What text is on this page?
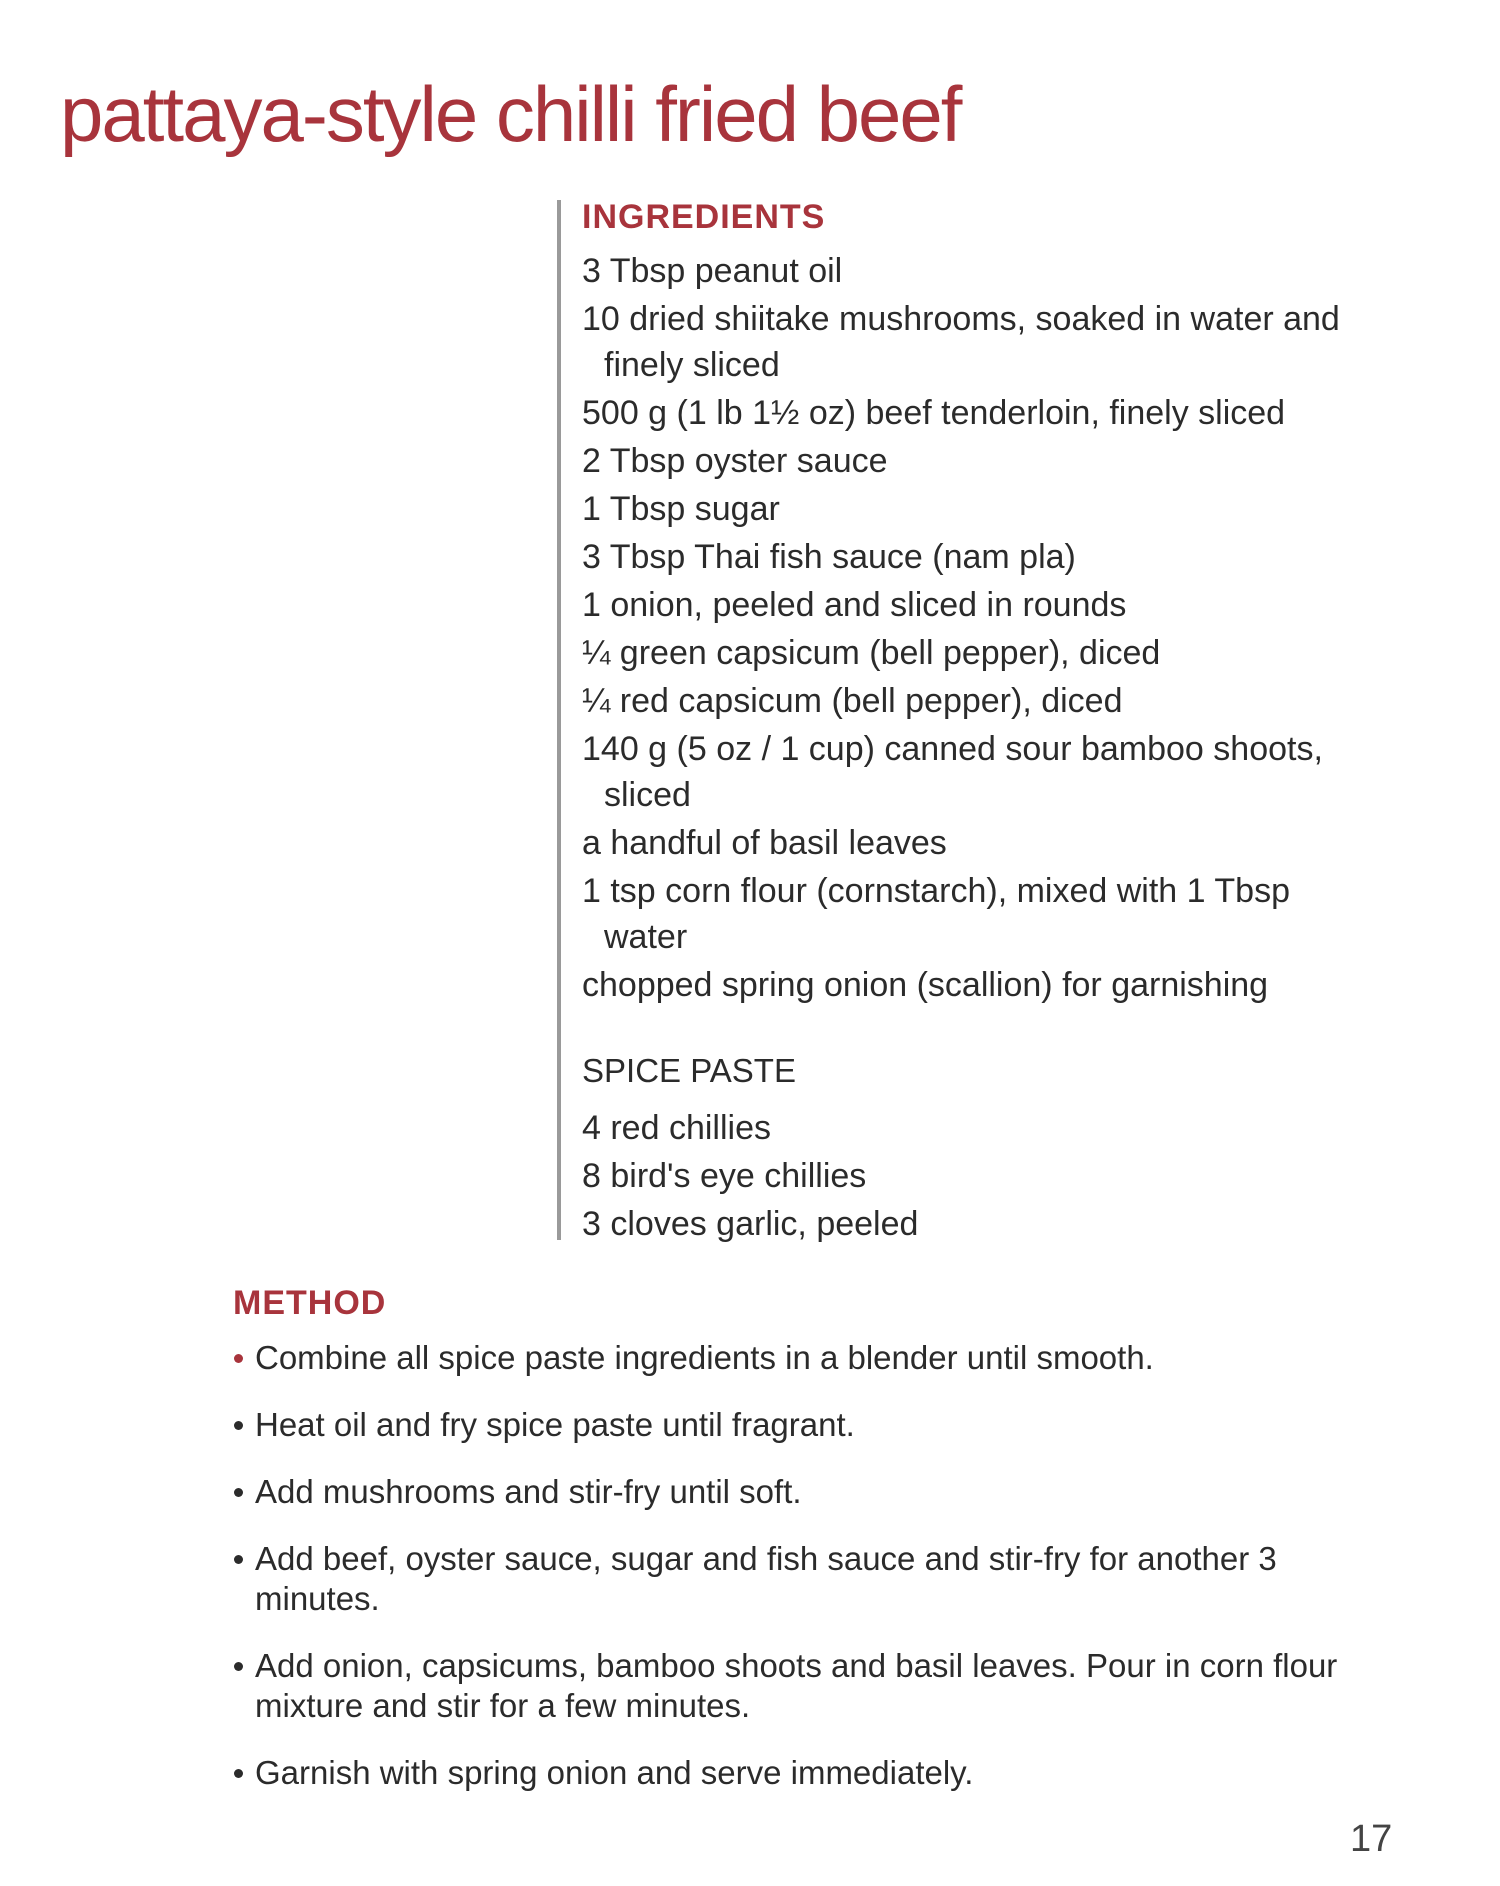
pattaya-style chilli fried beef
INGREDIENTS
3 Tbsp peanut oil
10 dried shiitake mushrooms, soaked in water and finely sliced
500 g (1 lb 1½ oz) beef tenderloin, finely sliced
2 Tbsp oyster sauce
1 Tbsp sugar
3 Tbsp Thai fish sauce (nam pla)
1 onion, peeled and sliced in rounds
¼ green capsicum (bell pepper), diced
¼ red capsicum (bell pepper), diced
140 g (5 oz / 1 cup) canned sour bamboo shoots, sliced
a handful of basil leaves
1 tsp corn flour (cornstarch), mixed with 1 Tbsp water
chopped spring onion (scallion) for garnishing
SPICE PASTE
4 red chillies
8 bird's eye chillies
3 cloves garlic, peeled
METHOD
Combine all spice paste ingredients in a blender until smooth.
Heat oil and fry spice paste until fragrant.
Add mushrooms and stir-fry until soft.
Add beef, oyster sauce, sugar and fish sauce and stir-fry for another 3 minutes.
Add onion, capsicums, bamboo shoots and basil leaves. Pour in corn flour mixture and stir for a few minutes.
Garnish with spring onion and serve immediately.
17
